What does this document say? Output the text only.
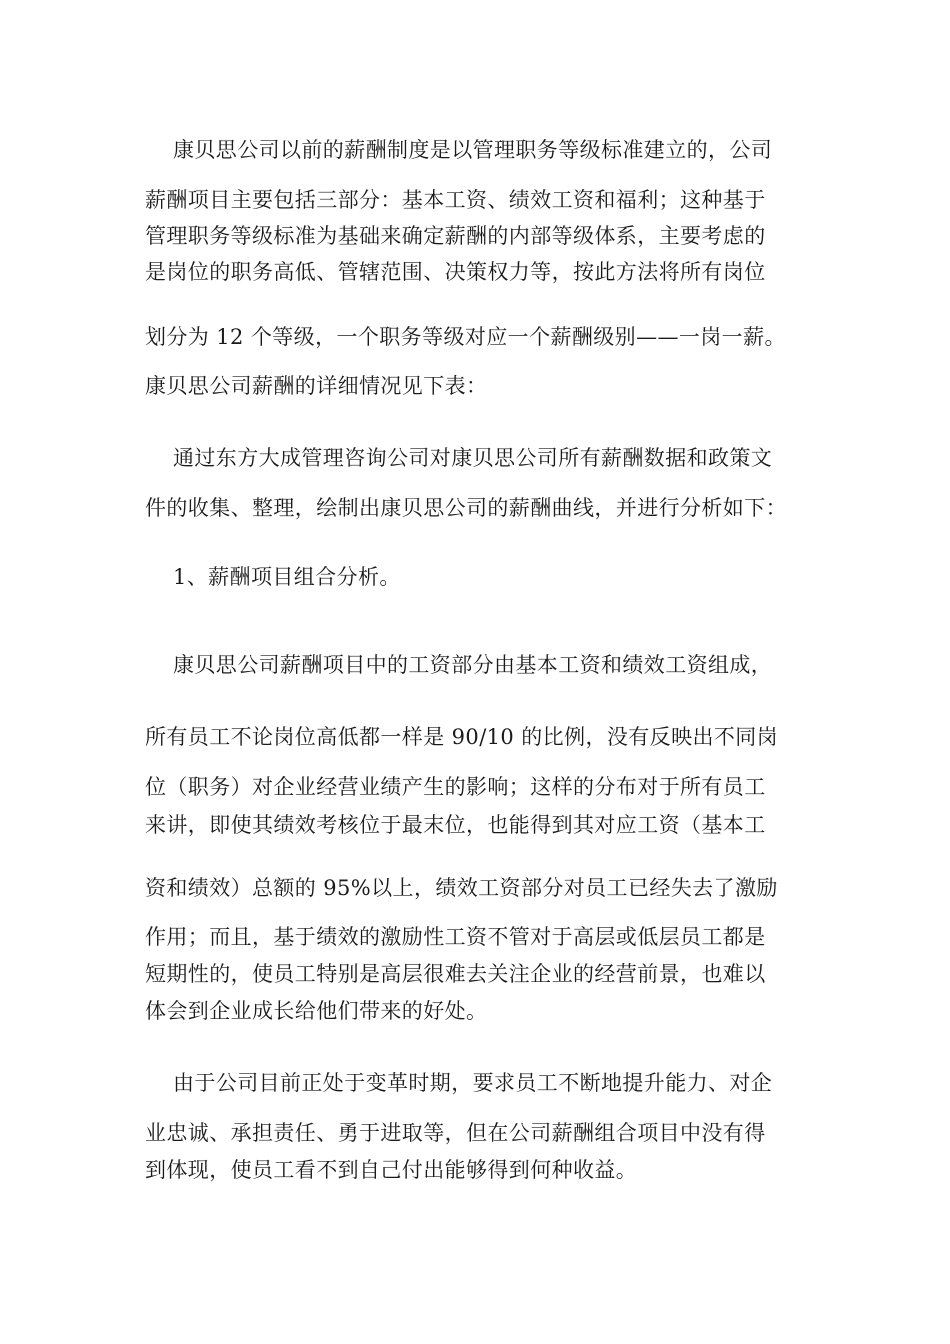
康贝思公司以前的薪酬制度是以管理职务等级标准建立的，公司
薪酬项目主要包括三部分：基本工资、绩效工资和福利；这种基于
管理职务等级标准为基础来确定薪酬的内部等级体系，主要考虑的
是岗位的职务高低、管辖范围、决策权力等，按此方法将所有岗位
划分为 12 个等级，一个职务等级对应一个薪酬级别——一岗一薪。
康贝思公司薪酬的详细情况见下表：
通过东方大成管理咨询公司对康贝思公司所有薪酬数据和政策文
件的收集、整理，绘制出康贝思公司的薪酬曲线，并进行分析如下：
1、薪酬项目组合分析。
康贝思公司薪酬项目中的工资部分由基本工资和绩效工资组成，
所有员工不论岗位高低都一样是 90/10 的比例，没有反映出不同岗
位（职务）对企业经营业绩产生的影响；这样的分布对于所有员工
来讲，即使其绩效考核位于最末位，也能得到其对应工资（基本工
资和绩效）总额的 95%以上，绩效工资部分对员工已经失去了激励
作用；而且，基于绩效的激励性工资不管对于高层或低层员工都是
短期性的，使员工特别是高层很难去关注企业的经营前景，也难以
体会到企业成长给他们带来的好处。
由于公司目前正处于变革时期，要求员工不断地提升能力、对企
业忠诚、承担责任、勇于进取等，但在公司薪酬组合项目中没有得
到体现，使员工看不到自己付出能够得到何种收益。
